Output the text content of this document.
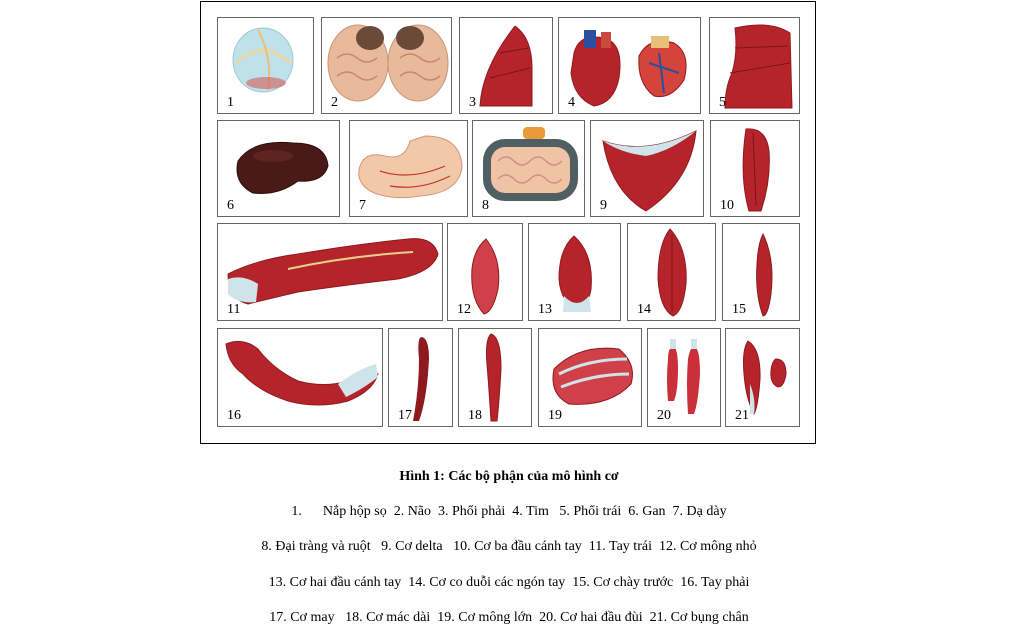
1	2	3	4	5
6	7	8	9	10
11	12	13	14	15
16	17	18	19	20	21
Hình 1: Các bộ phận của mô hình cơ
1.      Nắp hộp sọ  2. Não  3. Phổi phải  4. Tim   5. Phổi trái  6. Gan  7. Dạ dày
8. Đại tràng và ruột   9. Cơ delta   10. Cơ ba đầu cánh tay  11. Tay trái  12. Cơ mông nhỏ
13. Cơ hai đầu cánh tay  14. Cơ co duỗi các ngón tay  15. Cơ chày trước  16. Tay phải
17. Cơ may   18. Cơ mác dài  19. Cơ mông lớn  20. Cơ hai đầu đùi  21. Cơ bụng chân
